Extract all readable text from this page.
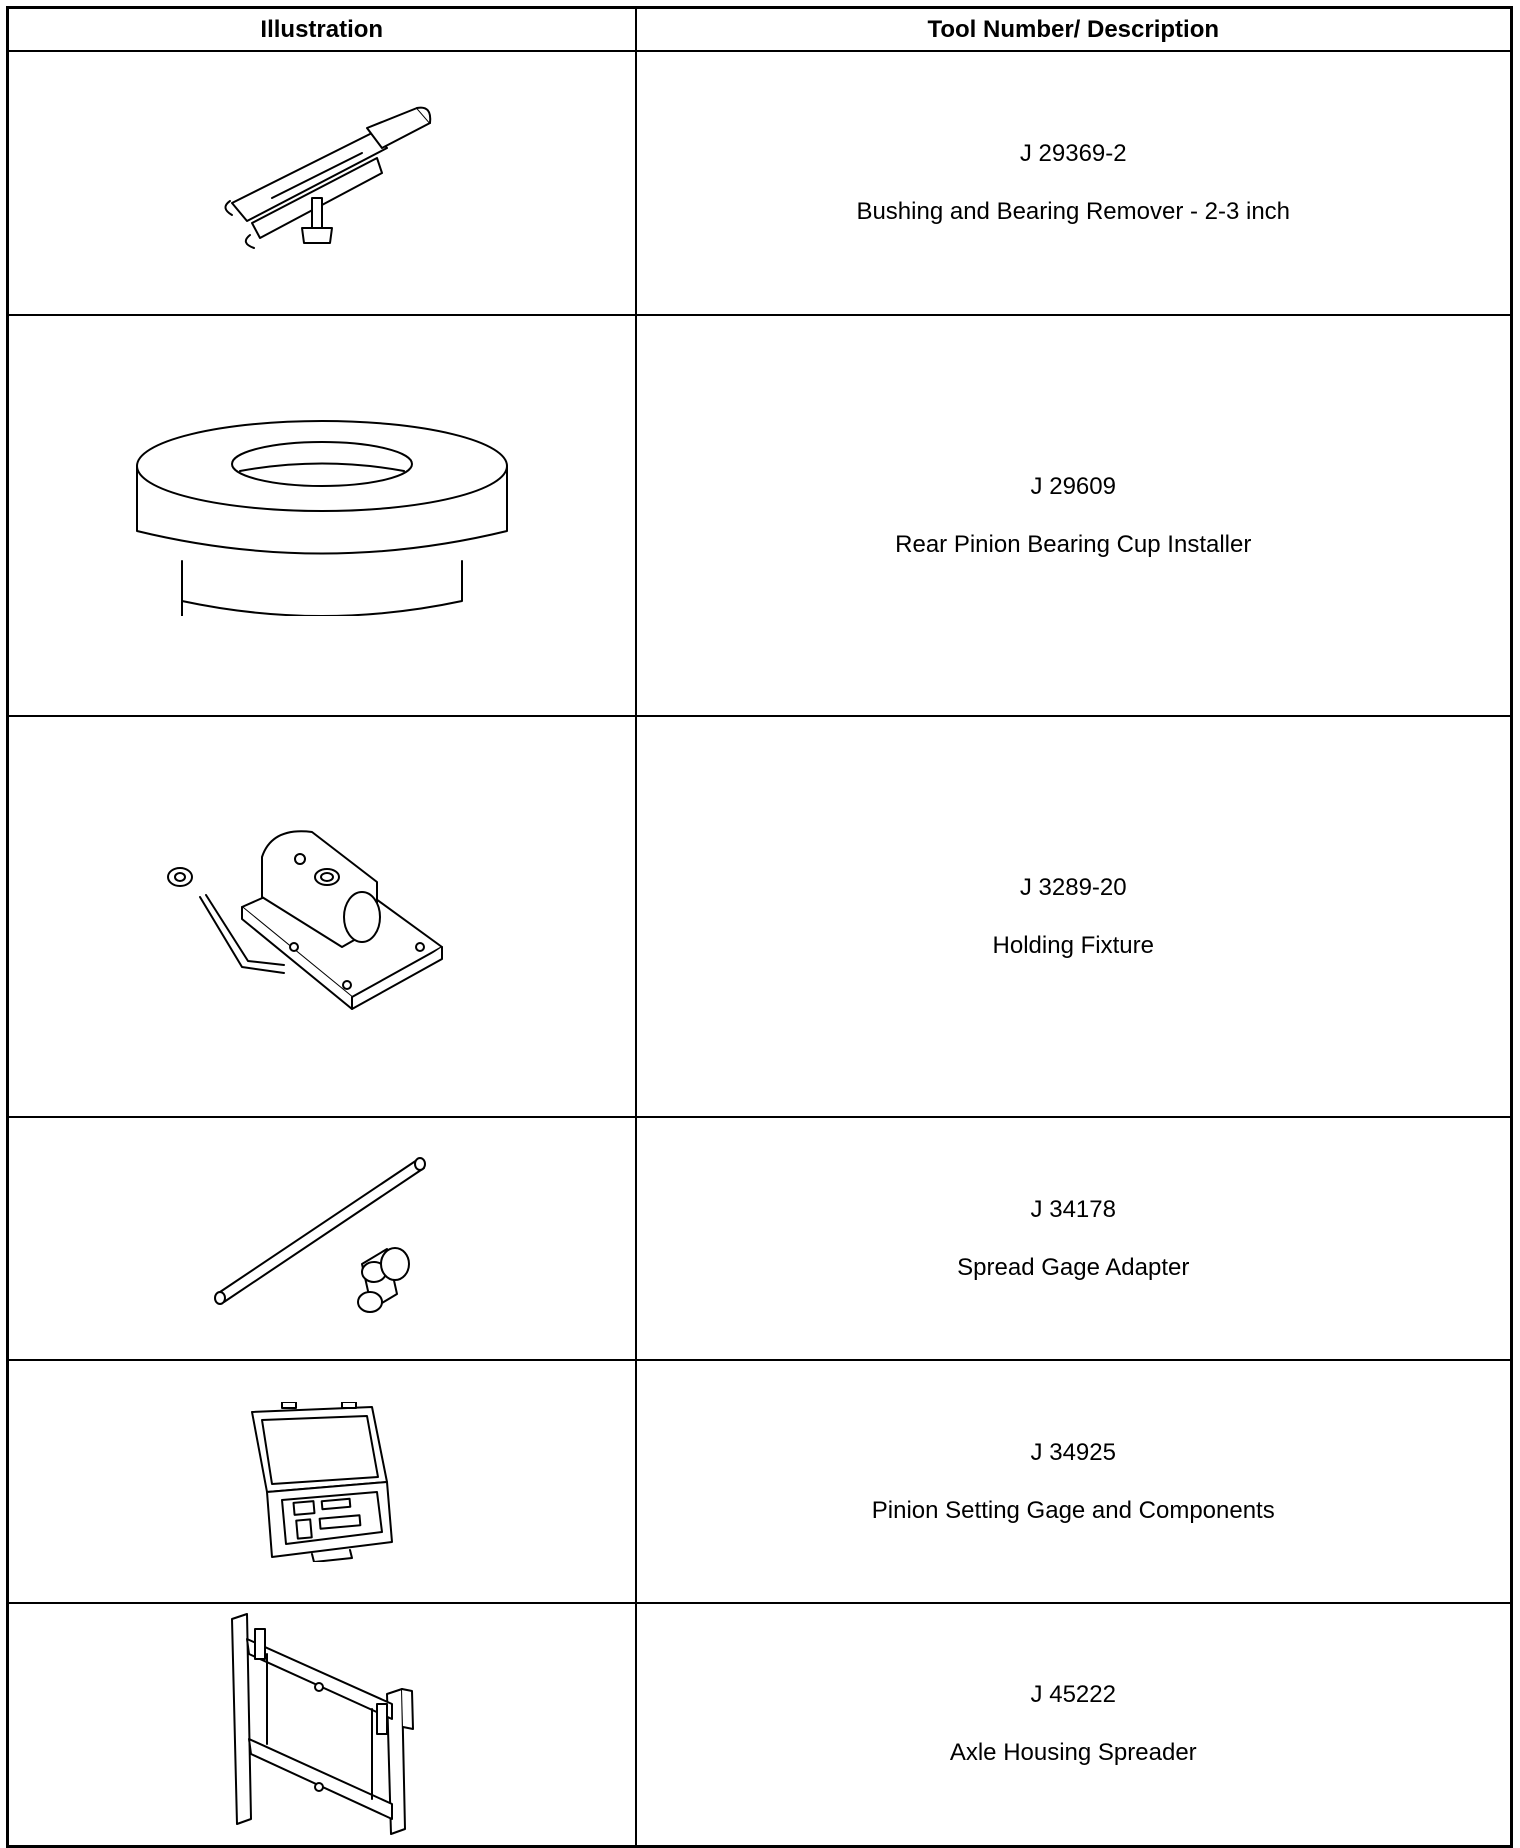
Illustration	Tool Number/ Description

J 29369-2
Bushing and Bearing Remover - 2-3 inch

J 29609
Rear Pinion Bearing Cup Installer

J 3289-20
Holding Fixture

J 34178
Spread Gage Adapter

J 34925
Pinion Setting Gage and Components

J 45222
Axle Housing Spreader
